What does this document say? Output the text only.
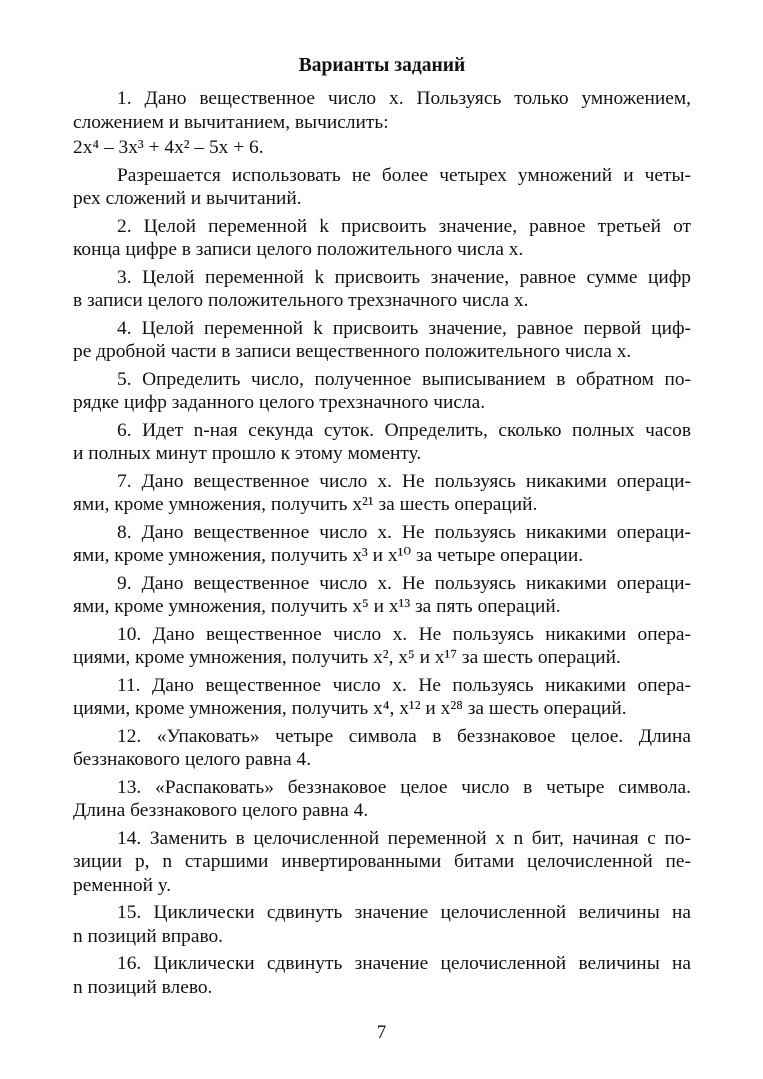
Варианты заданий
1. Дано вещественное число x. Пользуясь только умножением,
сложением и вычитанием, вычислить:
2x⁴ – 3x³ + 4x² – 5x + 6.
Разрешается использовать не более четырех умножений и четы-
рех сложений и вычитаний.
2. Целой переменной k присвоить значение, равное третьей от
конца цифре в записи целого положительного числа x.
3. Целой переменной k присвоить значение, равное сумме цифр
в записи целого положительного трехзначного числа x.
4. Целой переменной k присвоить значение, равное первой циф-
ре дробной части в записи вещественного положительного числа x.
5. Определить число, полученное выписыванием в обратном по-
рядке цифр заданного целого трехзначного числа.
6. Идет n-ная секунда суток. Определить, сколько полных часов
и полных минут прошло к этому моменту.
7. Дано вещественное число x. Не пользуясь никакими операци-
ями, кроме умножения, получить x²¹ за шесть операций.
8. Дано вещественное число x. Не пользуясь никакими операци-
ями, кроме умножения, получить x³ и x¹⁰ за четыре операции.
9. Дано вещественное число x. Не пользуясь никакими операци-
ями, кроме умножения, получить x⁵ и x¹³ за пять операций.
10. Дано вещественное число x. Не пользуясь никакими опера-
циями, кроме умножения, получить x², x⁵ и x¹⁷ за шесть операций.
11. Дано вещественное число x. Не пользуясь никакими опера-
циями, кроме умножения, получить x⁴, x¹² и x²⁸ за шесть операций.
12. «Упаковать» четыре символа в беззнаковое целое. Длина
беззнакового целого равна 4.
13. «Распаковать» беззнаковое целое число в четыре символа.
Длина беззнакового целого равна 4.
14. Заменить в целочисленной переменной x n бит, начиная с по-
зиции p, n старшими инвертированными битами целочисленной пе-
ременной y.
15. Циклически сдвинуть значение целочисленной величины на
n позиций вправо.
16. Циклически сдвинуть значение целочисленной величины на
n позиций влево.
7
